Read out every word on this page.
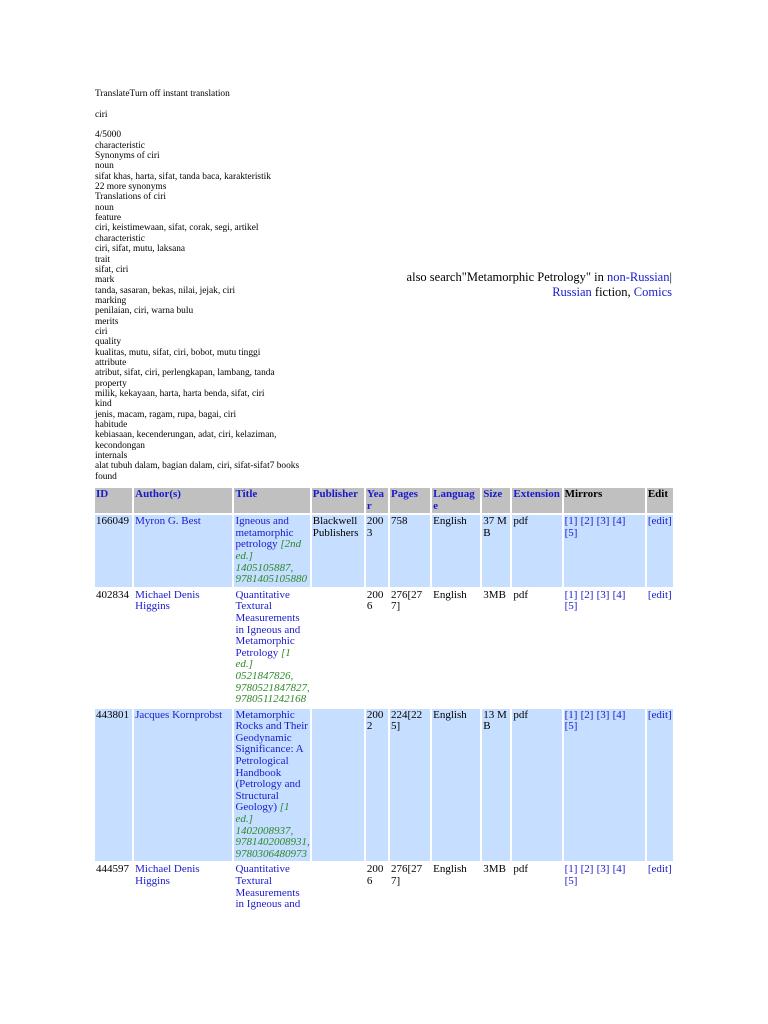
TranslateTurn off instant translation
ciri
4/5000
characteristic
Synonyms of ciri
noun
sifat khas, harta, sifat, tanda baca, karakteristik
22 more synonyms
Translations of ciri
noun
feature
ciri, keistimewaan, sifat, corak, segi, artikel
characteristic
ciri, sifat, mutu, laksana
trait
sifat, ciri
mark
tanda, sasaran, bekas, nilai, jejak, ciri
marking
penilaian, ciri, warna bulu
merits
ciri
quality
kualitas, mutu, sifat, ciri, bobot, mutu tinggi
attribute
atribut, sifat, ciri, perlengkapan, lambang, tanda
property
milik, kekayaan, harta, harta benda, sifat, ciri
kind
jenis, macam, ragam, rupa, bagai, ciri
habitude
kebiasaan, kecenderungan, adat, ciri, kelaziman,
kecondongan
internals
alat tubuh dalam, bagian dalam, ciri, sifat-sifat7 books
found
also search"Metamorphic Petrology" in non-Russian| Russian fiction, Comics
ID	Author(s)	Title	Publisher	Year	Pages	Language	Size	Extension	Mirrors	Edit
166049	Myron G. Best	Igneous and metamorphic petrology [2nd ed.]
1405105887, 9781405105880	Blackwell Publishers	2003	758	English	37 MB	pdf	[1] [2] [3] [4][5]	[edit]
402834	Michael Denis Higgins	Quantitative Textural Measurements in Igneous and Metamorphic Petrology [1 ed.]
0521847826, 9780521847827, 9780511242168		2006	276[277]	English	3MB	pdf	[1] [2] [3] [4][5]	[edit]
443801	Jacques Kornprobst	Metamorphic Rocks and Their Geodynamic Significance: A Petrological Handbook (Petrology and Structural Geology) [1 ed.]
1402008937, 9781402008931, 9780306480973		2002	224[225]	English	13 MB	pdf	[1] [2] [3] [4][5]	[edit]
444597	Michael Denis Higgins	Quantitative Textural Measurements in Igneous and		2006	276[277]	English	3MB	pdf	[1] [2] [3] [4][5]	[edit]
